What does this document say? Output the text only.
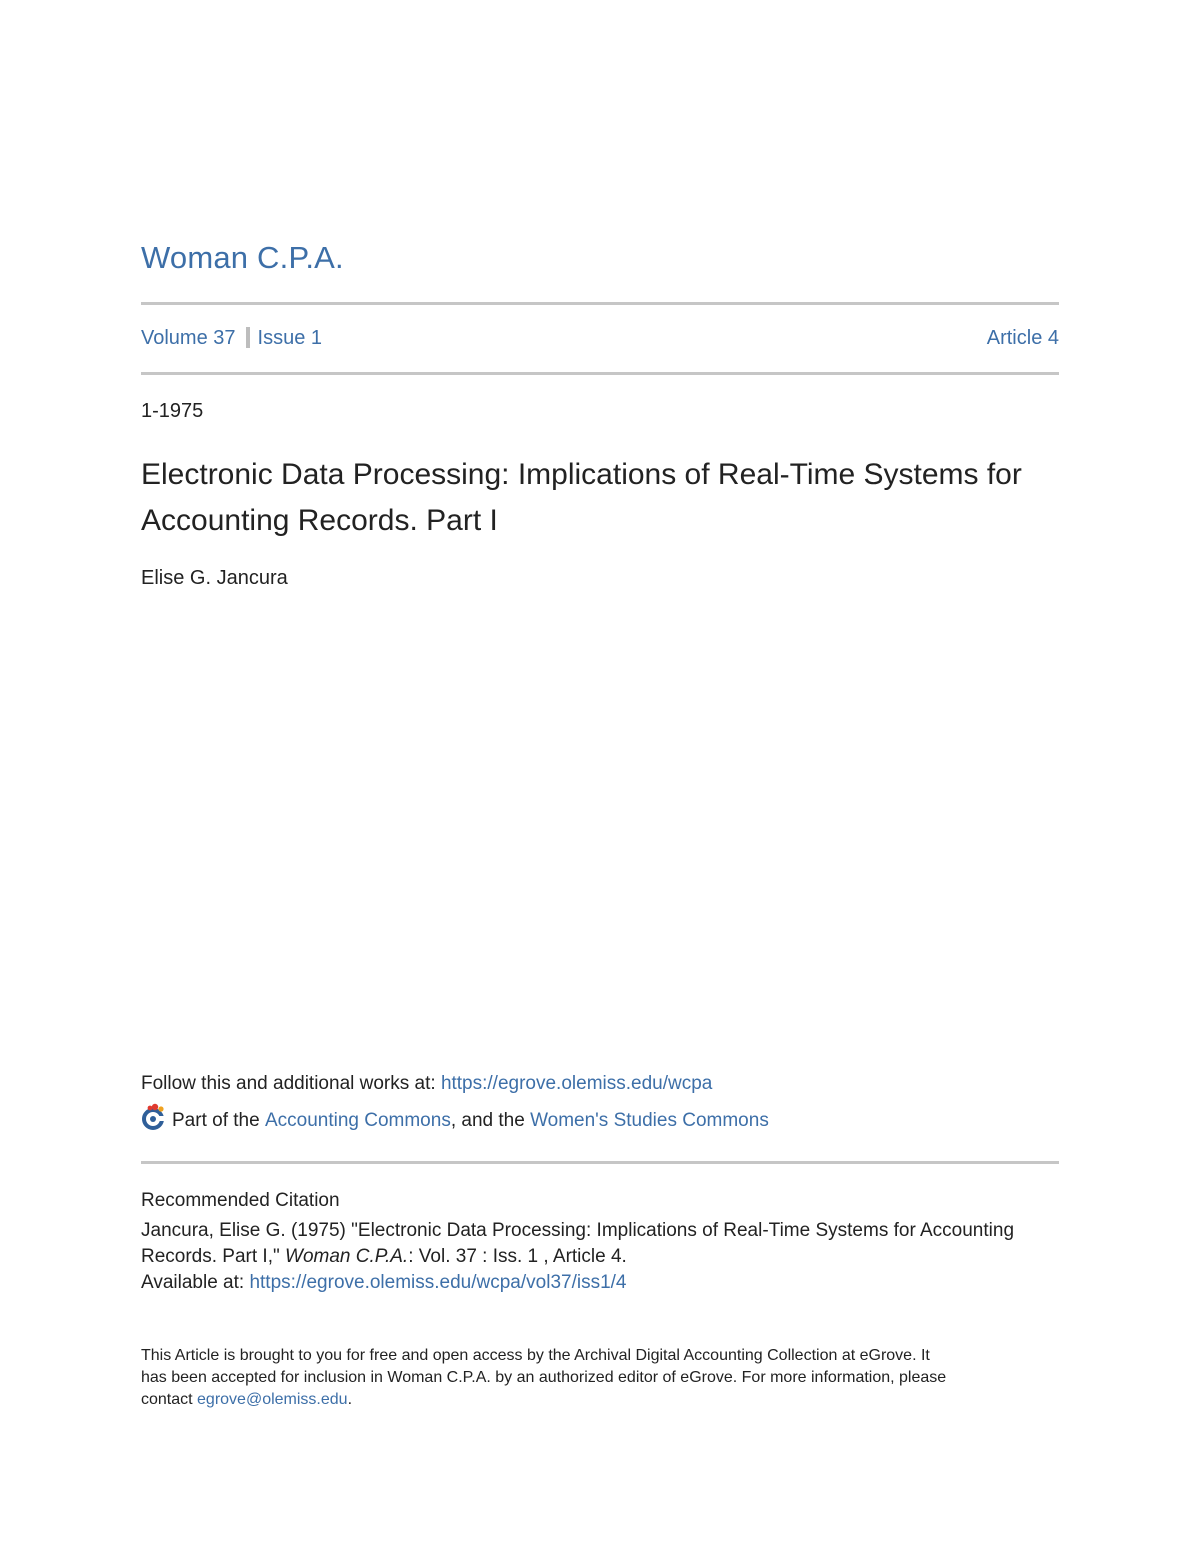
Woman C.P.A.
Volume 37 Issue 1	Article 4
1-1975
Electronic Data Processing: Implications of Real-Time Systems for Accounting Records. Part I
Elise G. Jancura
Follow this and additional works at: https://egrove.olemiss.edu/wcpa
Part of the Accounting Commons , and the Women's Studies Commons
Recommended Citation
Jancura, Elise G. (1975) "Electronic Data Processing: Implications of Real-Time Systems for Accounting
Records. Part I," Woman C.P.A.: Vol. 37 : Iss. 1 , Article 4.
Available at: https://egrove.olemiss.edu/wcpa/vol37/iss1/4
This Article is brought to you for free and open access by the Archival Digital Accounting Collection at eGrove. It
has been accepted for inclusion in Woman C.P.A. by an authorized editor of eGrove. For more information, please
contact egrove@olemiss.edu.
